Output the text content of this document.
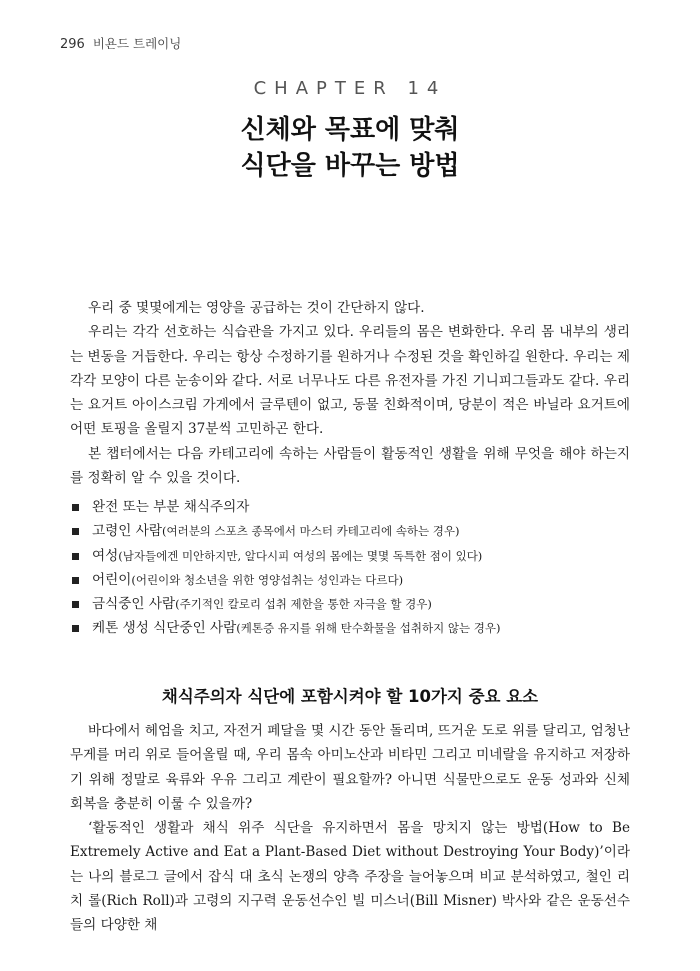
296 비욘드 트레이닝
CHAPTER 14
신체와 목표에 맞춰
식단을 바꾸는 방법

우리 중 몇몇에게는 영양을 공급하는 것이 간단하지 않다.

우리는 각각 선호하는 식습관을 가지고 있다. 우리들의 몸은 변화한다. 우리 몸 내부의 생리는 변동을 거듭한다. 우리는 항상 수정하기를 원하거나 수정된 것을 확인하길 원한다. 우리는 제각각 모양이 다른 눈송이와 같다. 서로 너무나도 다른 유전자를 가진 기니피그들과도 같다. 우리는 요거트 아이스크림 가게에서 글루텐이 없고, 동물 친화적이며, 당분이 적은 바닐라 요거트에 어떤 토핑을 올릴지 37분씩 고민하곤 한다.

본 챕터에서는 다음 카테고리에 속하는 사람들이 활동적인 생활을 위해 무엇을 해야 하는지를 정확히 알 수 있을 것이다.

완전 또는 부분 채식주의자
고령인 사람(여러분의 스포츠 종목에서 마스터 카테고리에 속하는 경우)
여성(남자들에겐 미안하지만, 알다시피 여성의 몸에는 몇몇 독특한 점이 있다)
어린이(어린이와 청소년을 위한 영양섭취는 성인과는 다르다)
금식중인 사람(주기적인 칼로리 섭취 제한을 통한 자극을 할 경우)
케톤 생성 식단중인 사람(케톤증 유지를 위해 탄수화물을 섭취하지 않는 경우)
채식주의자 식단에 포함시켜야 할 10가지 중요 요소

바다에서 헤엄을 치고, 자전거 페달을 몇 시간 동안 돌리며, 뜨거운 도로 위를 달리고, 엄청난 무게를 머리 위로 들어올릴 때, 우리 몸속 아미노산과 비타민 그리고 미네랄을 유지하고 저장하기 위해 정말로 육류와 우유 그리고 계란이 필요할까? 아니면 식물만으로도 운동 성과와 신체 회복을 충분히 이룰 수 있을까?

‘활동적인 생활과 채식 위주 식단을 유지하면서 몸을 망치지 않는 방법(How to Be Extremely Active and Eat a Plant-Based Diet without Destroying Your Body)’이라는 나의 블로그 글에서 잡식 대 초식 논쟁의 양측 주장을 늘어놓으며 비교 분석하였고, 철인 리치 롤(Rich Roll)과 고령의 지구력 운동선수인 빌 미스너(Bill Misner) 박사와 같은 운동선수들의 다양한 채
